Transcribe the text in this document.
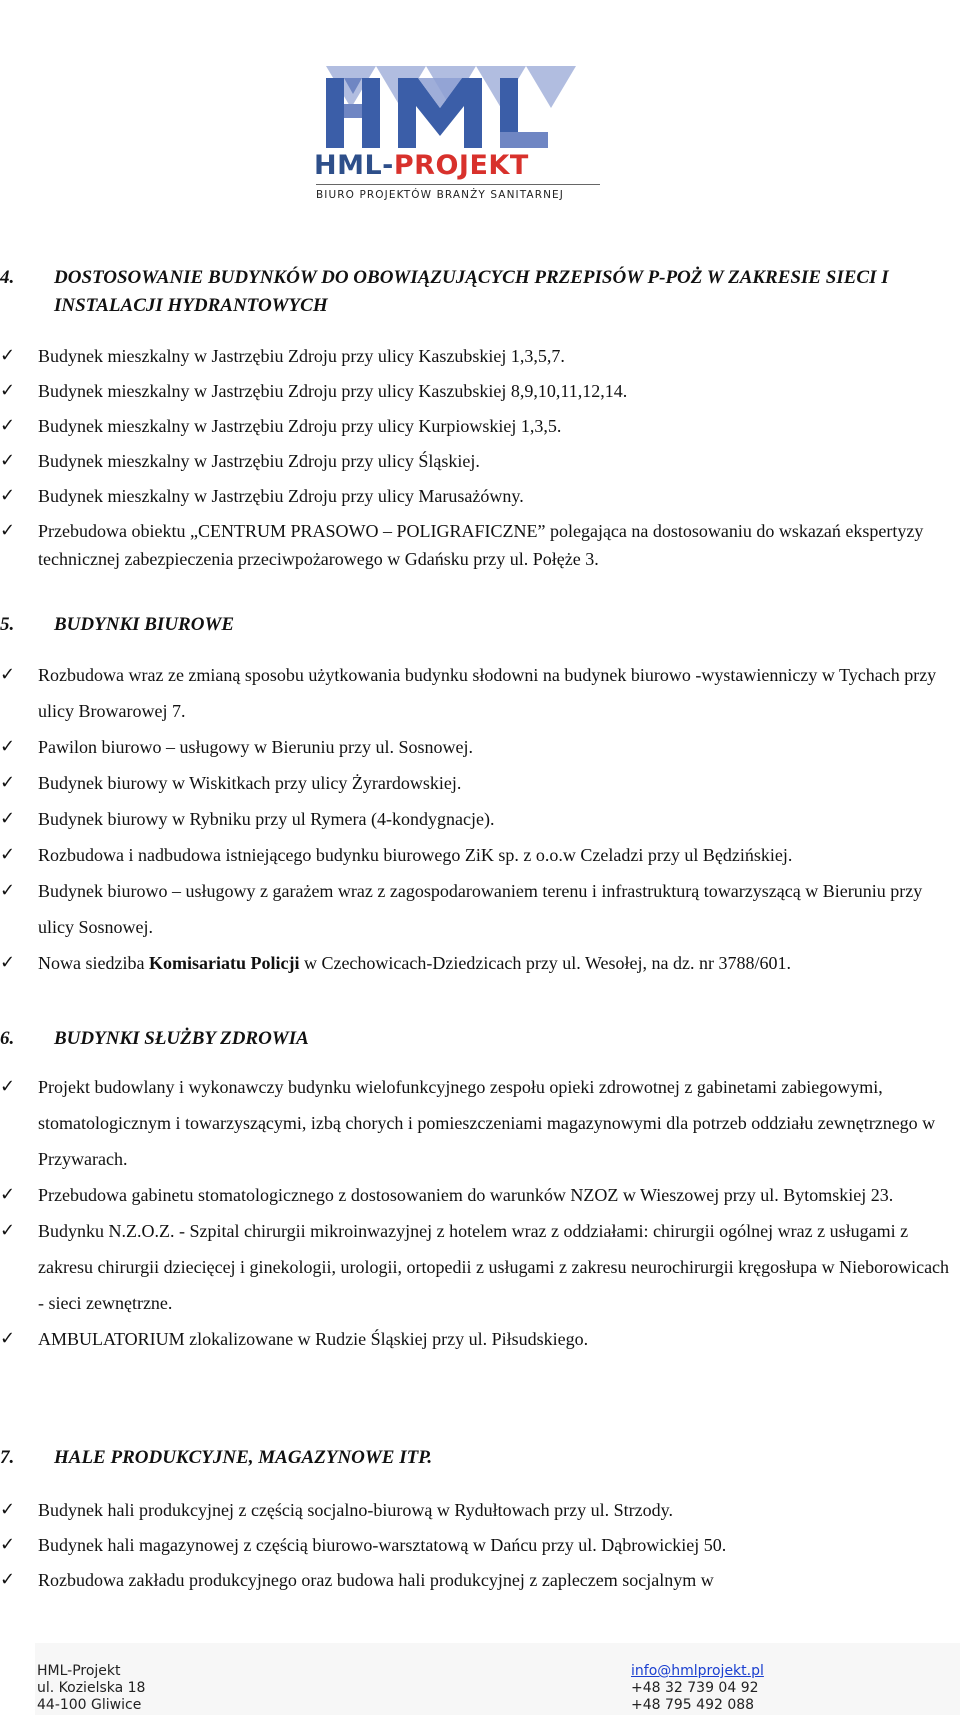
HML-PROJEKT
BIURO PROJEKTÓW BRANŻY SANITARNEJ
4. DOSTOSOWANIE BUDYNKÓW DO OBOWIĄZUJĄCYCH PRZEPISÓW P-POŻ W ZAKRESIE SIECI I INSTALACJI HYDRANTOWYCH
✓ Budynek mieszkalny w Jastrzębiu Zdroju przy ulicy Kaszubskiej 1,3,5,7.
✓ Budynek mieszkalny w Jastrzębiu Zdroju przy ulicy Kaszubskiej 8,9,10,11,12,14.
✓ Budynek mieszkalny w Jastrzębiu Zdroju przy ulicy Kurpiowskiej 1,3,5.
✓ Budynek mieszkalny w Jastrzębiu Zdroju przy ulicy Śląskiej.
✓ Budynek mieszkalny w Jastrzębiu Zdroju przy ulicy Marusażówny.
✓ Przebudowa obiektu „CENTRUM PRASOWO – POLIGRAFICZNE” polegająca na dostosowaniu do wskazań ekspertyzy technicznej zabezpieczenia przeciwpożarowego w Gdańsku przy ul. Połęże 3.
5. BUDYNKI BIUROWE
✓ Rozbudowa wraz ze zmianą sposobu użytkowania budynku słodowni na budynek biurowo -wystawienniczy w Tychach przy ulicy Browarowej 7.
✓ Pawilon biurowo – usługowy w Bieruniu przy ul. Sosnowej.
✓ Budynek biurowy w Wiskitkach przy ulicy Żyrardowskiej.
✓ Budynek biurowy w Rybniku przy ul Rymera (4-kondygnacje).
✓ Rozbudowa i nadbudowa istniejącego budynku biurowego ZiK sp. z o.o.w Czeladzi przy ul Będzińskiej.
✓ Budynek biurowo – usługowy z garażem wraz z zagospodarowaniem terenu i infrastrukturą towarzyszącą w Bieruniu przy ulicy Sosnowej.
✓ Nowa siedziba Komisariatu Policji w Czechowicach-Dziedzicach przy ul. Wesołej, na dz. nr 3788/601.
6. BUDYNKI SŁUŻBY ZDROWIA
✓ Projekt budowlany i wykonawczy budynku wielofunkcyjnego zespołu opieki zdrowotnej z gabinetami zabiegowymi, stomatologicznym i towarzyszącymi, izbą chorych i pomieszczeniami magazynowymi dla potrzeb oddziału zewnętrznego w Przywarach.
✓ Przebudowa gabinetu stomatologicznego z dostosowaniem do warunków NZOZ w Wieszowej przy ul. Bytomskiej 23.
✓ Budynku N.Z.O.Z. - Szpital chirurgii mikroinwazyjnej z hotelem wraz z oddziałami: chirurgii ogólnej wraz z usługami z zakresu chirurgii dziecięcej i ginekologii, urologii, ortopedii z usługami z zakresu neurochirurgii kręgosłupa w Nieborowicach - sieci zewnętrzne.
✓ AMBULATORIUM zlokalizowane w Rudzie Śląskiej przy ul. Piłsudskiego.
7. HALE PRODUKCYJNE, MAGAZYNOWE ITP.
✓ Budynek hali produkcyjnej z częścią socjalno-biurową w Rydułtowach przy ul. Strzody.
✓ Budynek hali magazynowej z częścią biurowo-warsztatową w Dańcu przy ul. Dąbrowickiej 50.
✓ Rozbudowa zakładu produkcyjnego oraz budowa hali produkcyjnej z zapleczem socjalnym w
HML-Projekt
ul. Kozielska 18
44-100 Gliwice
info@hmlprojekt.pl
+48 32 739 04 92
+48 795 492 088
